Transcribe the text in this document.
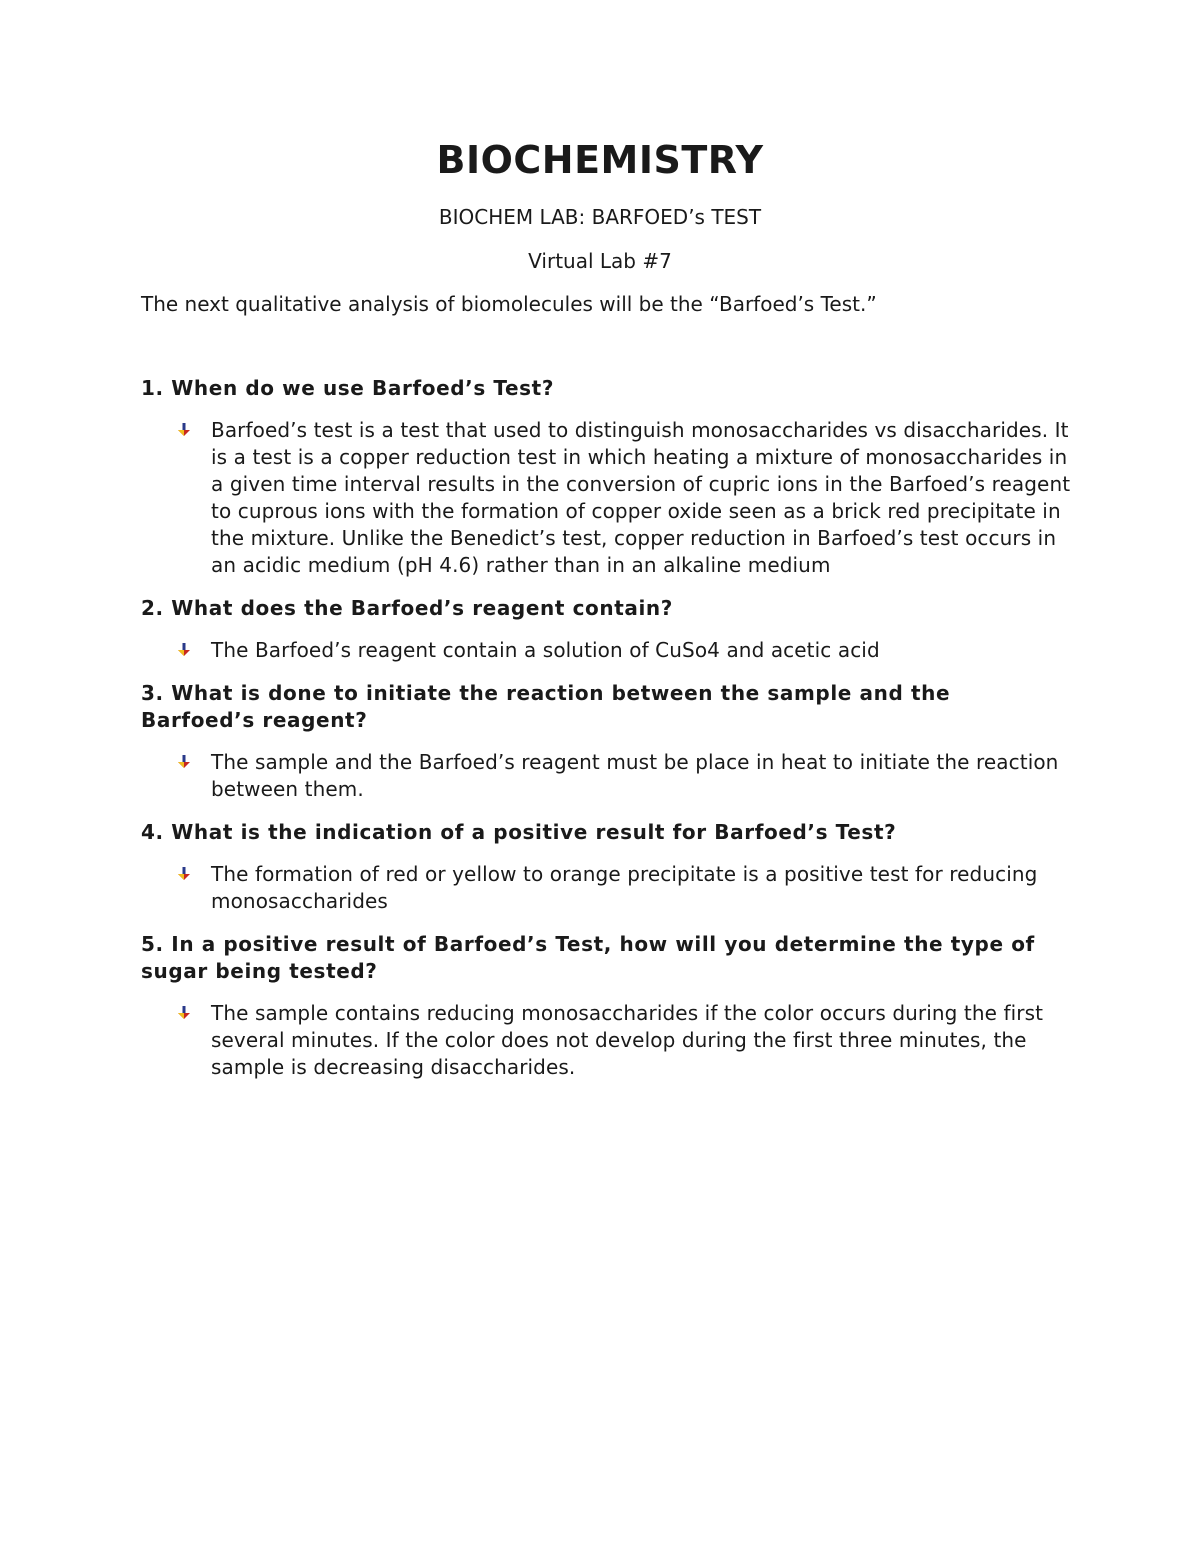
BIOCHEMISTRY

BIOCHEM LAB: BARFOED’s TEST

Virtual Lab #7

The next qualitative analysis of biomolecules will be the “Barfoed’s Test.”

1. When do we use Barfoed’s Test?

Barfoed’s test is a test that used to distinguish monosaccharides vs disaccharides. It is a test is a copper reduction test in which heating a mixture of monosaccharides in a given time interval results in the conversion of cupric ions in the Barfoed’s reagent to cuprous ions with the formation of copper oxide seen as a brick red precipitate in the mixture. Unlike the Benedict’s test, copper reduction in Barfoed’s test occurs in an acidic medium (pH 4.6) rather than in an alkaline medium

2. What does the Barfoed’s reagent contain?

The Barfoed’s reagent contain a solution of CuSo4 and acetic acid

3. What is done to initiate the reaction between the sample and the Barfoed’s reagent?

The sample and the Barfoed’s reagent must be place in heat to initiate the reaction between them.

4. What is the indication of a positive result for Barfoed’s Test?

The formation of red or yellow to orange precipitate is a positive test for reducing monosaccharides

5. In a positive result of Barfoed’s Test, how will you determine the type of sugar being tested?

The sample contains reducing monosaccharides if the color occurs during the first several minutes. If the color does not develop during the first three minutes, the sample is decreasing disaccharides.
